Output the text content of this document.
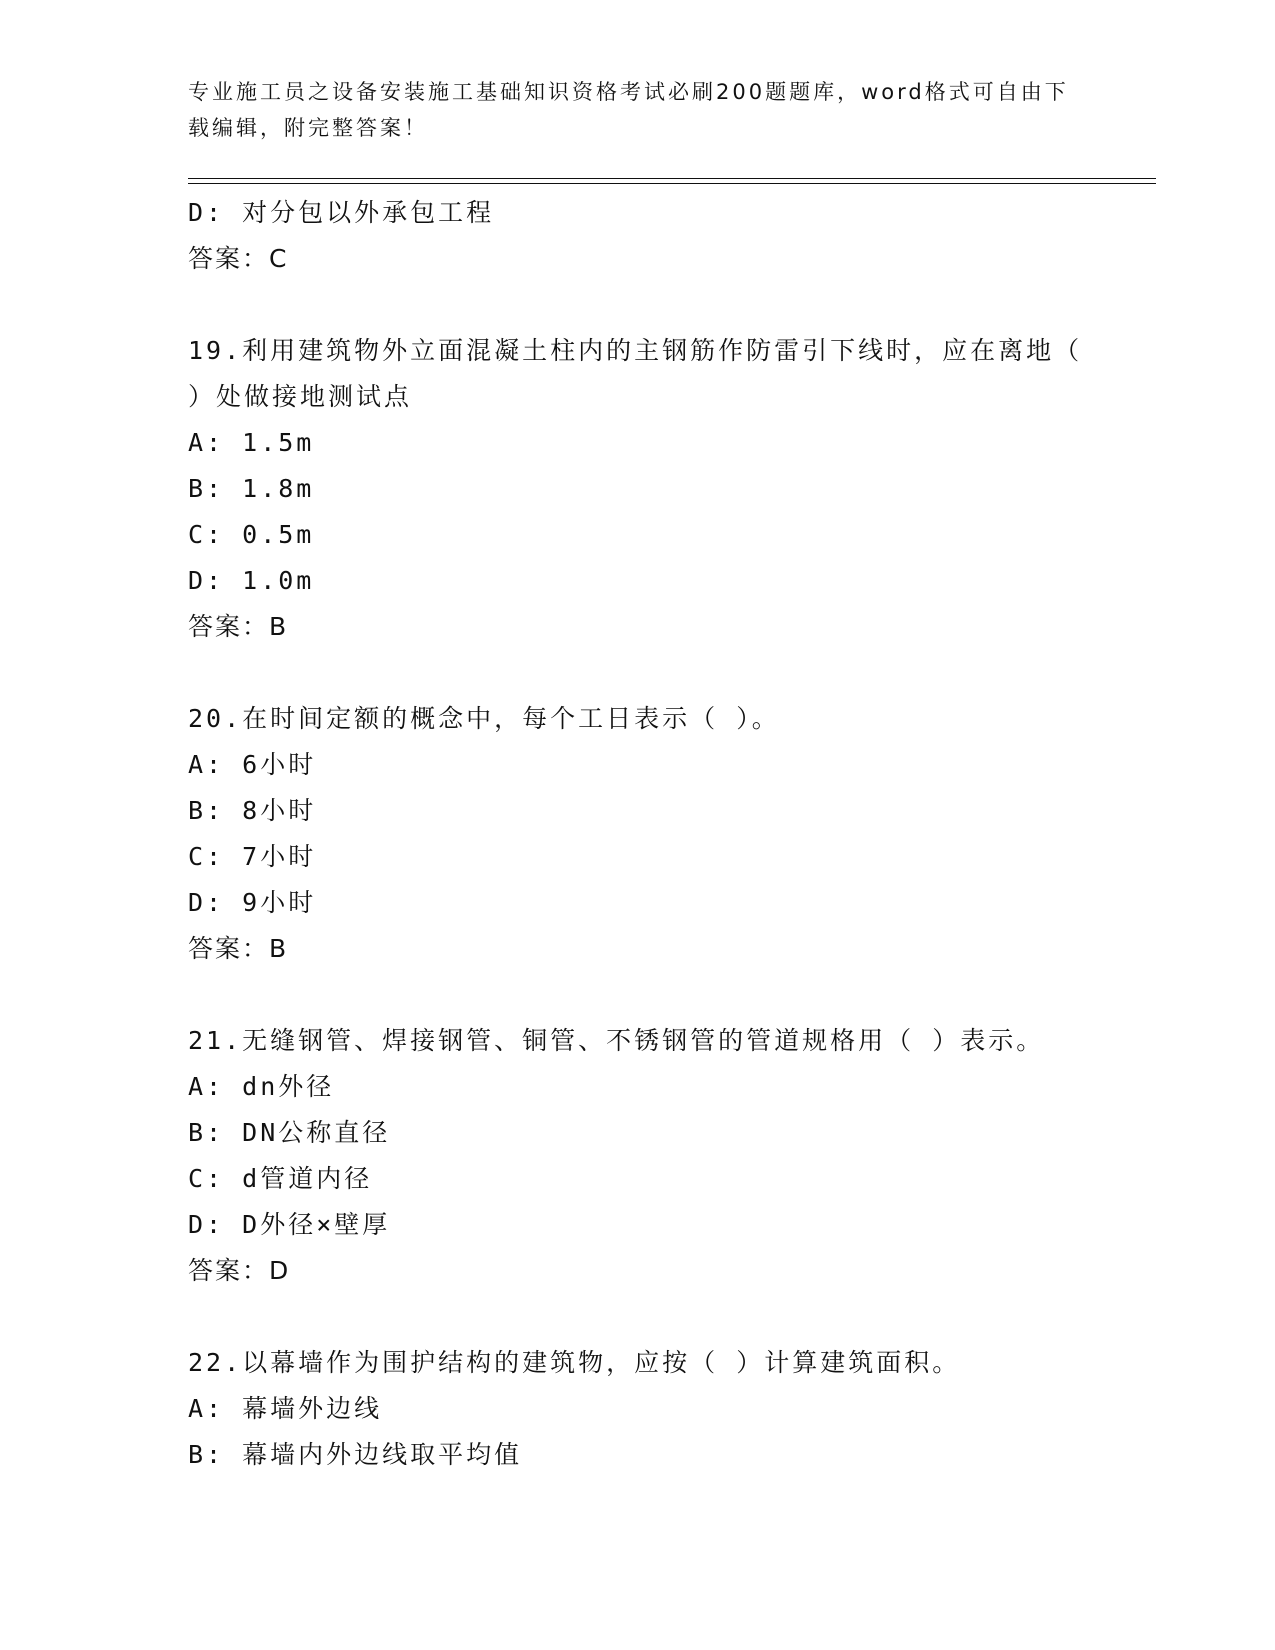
专业施工员之设备安装施工基础知识资格考试必刷200题题库，word格式可自由下载编辑，附完整答案！
D: 对分包以外承包工程
答案：C
19.利用建筑物外立面混凝土柱内的主钢筋作防雷引下线时，应在离地（ ）处做接地测试点
A: 1.5m
B: 1.8m
C: 0.5m
D: 1.0m
答案：B
20.在时间定额的概念中，每个工日表示（ ）。
A: 6小时
B: 8小时
C: 7小时
D: 9小时
答案：B
21.无缝钢管、焊接钢管、铜管、不锈钢管的管道规格用（ ）表示。
A: dn外径
B: DN公称直径
C: d管道内径
D: D外径×壁厚
答案：D
22.以幕墙作为围护结构的建筑物，应按（ ）计算建筑面积。
A: 幕墙外边线
B: 幕墙内外边线取平均值
